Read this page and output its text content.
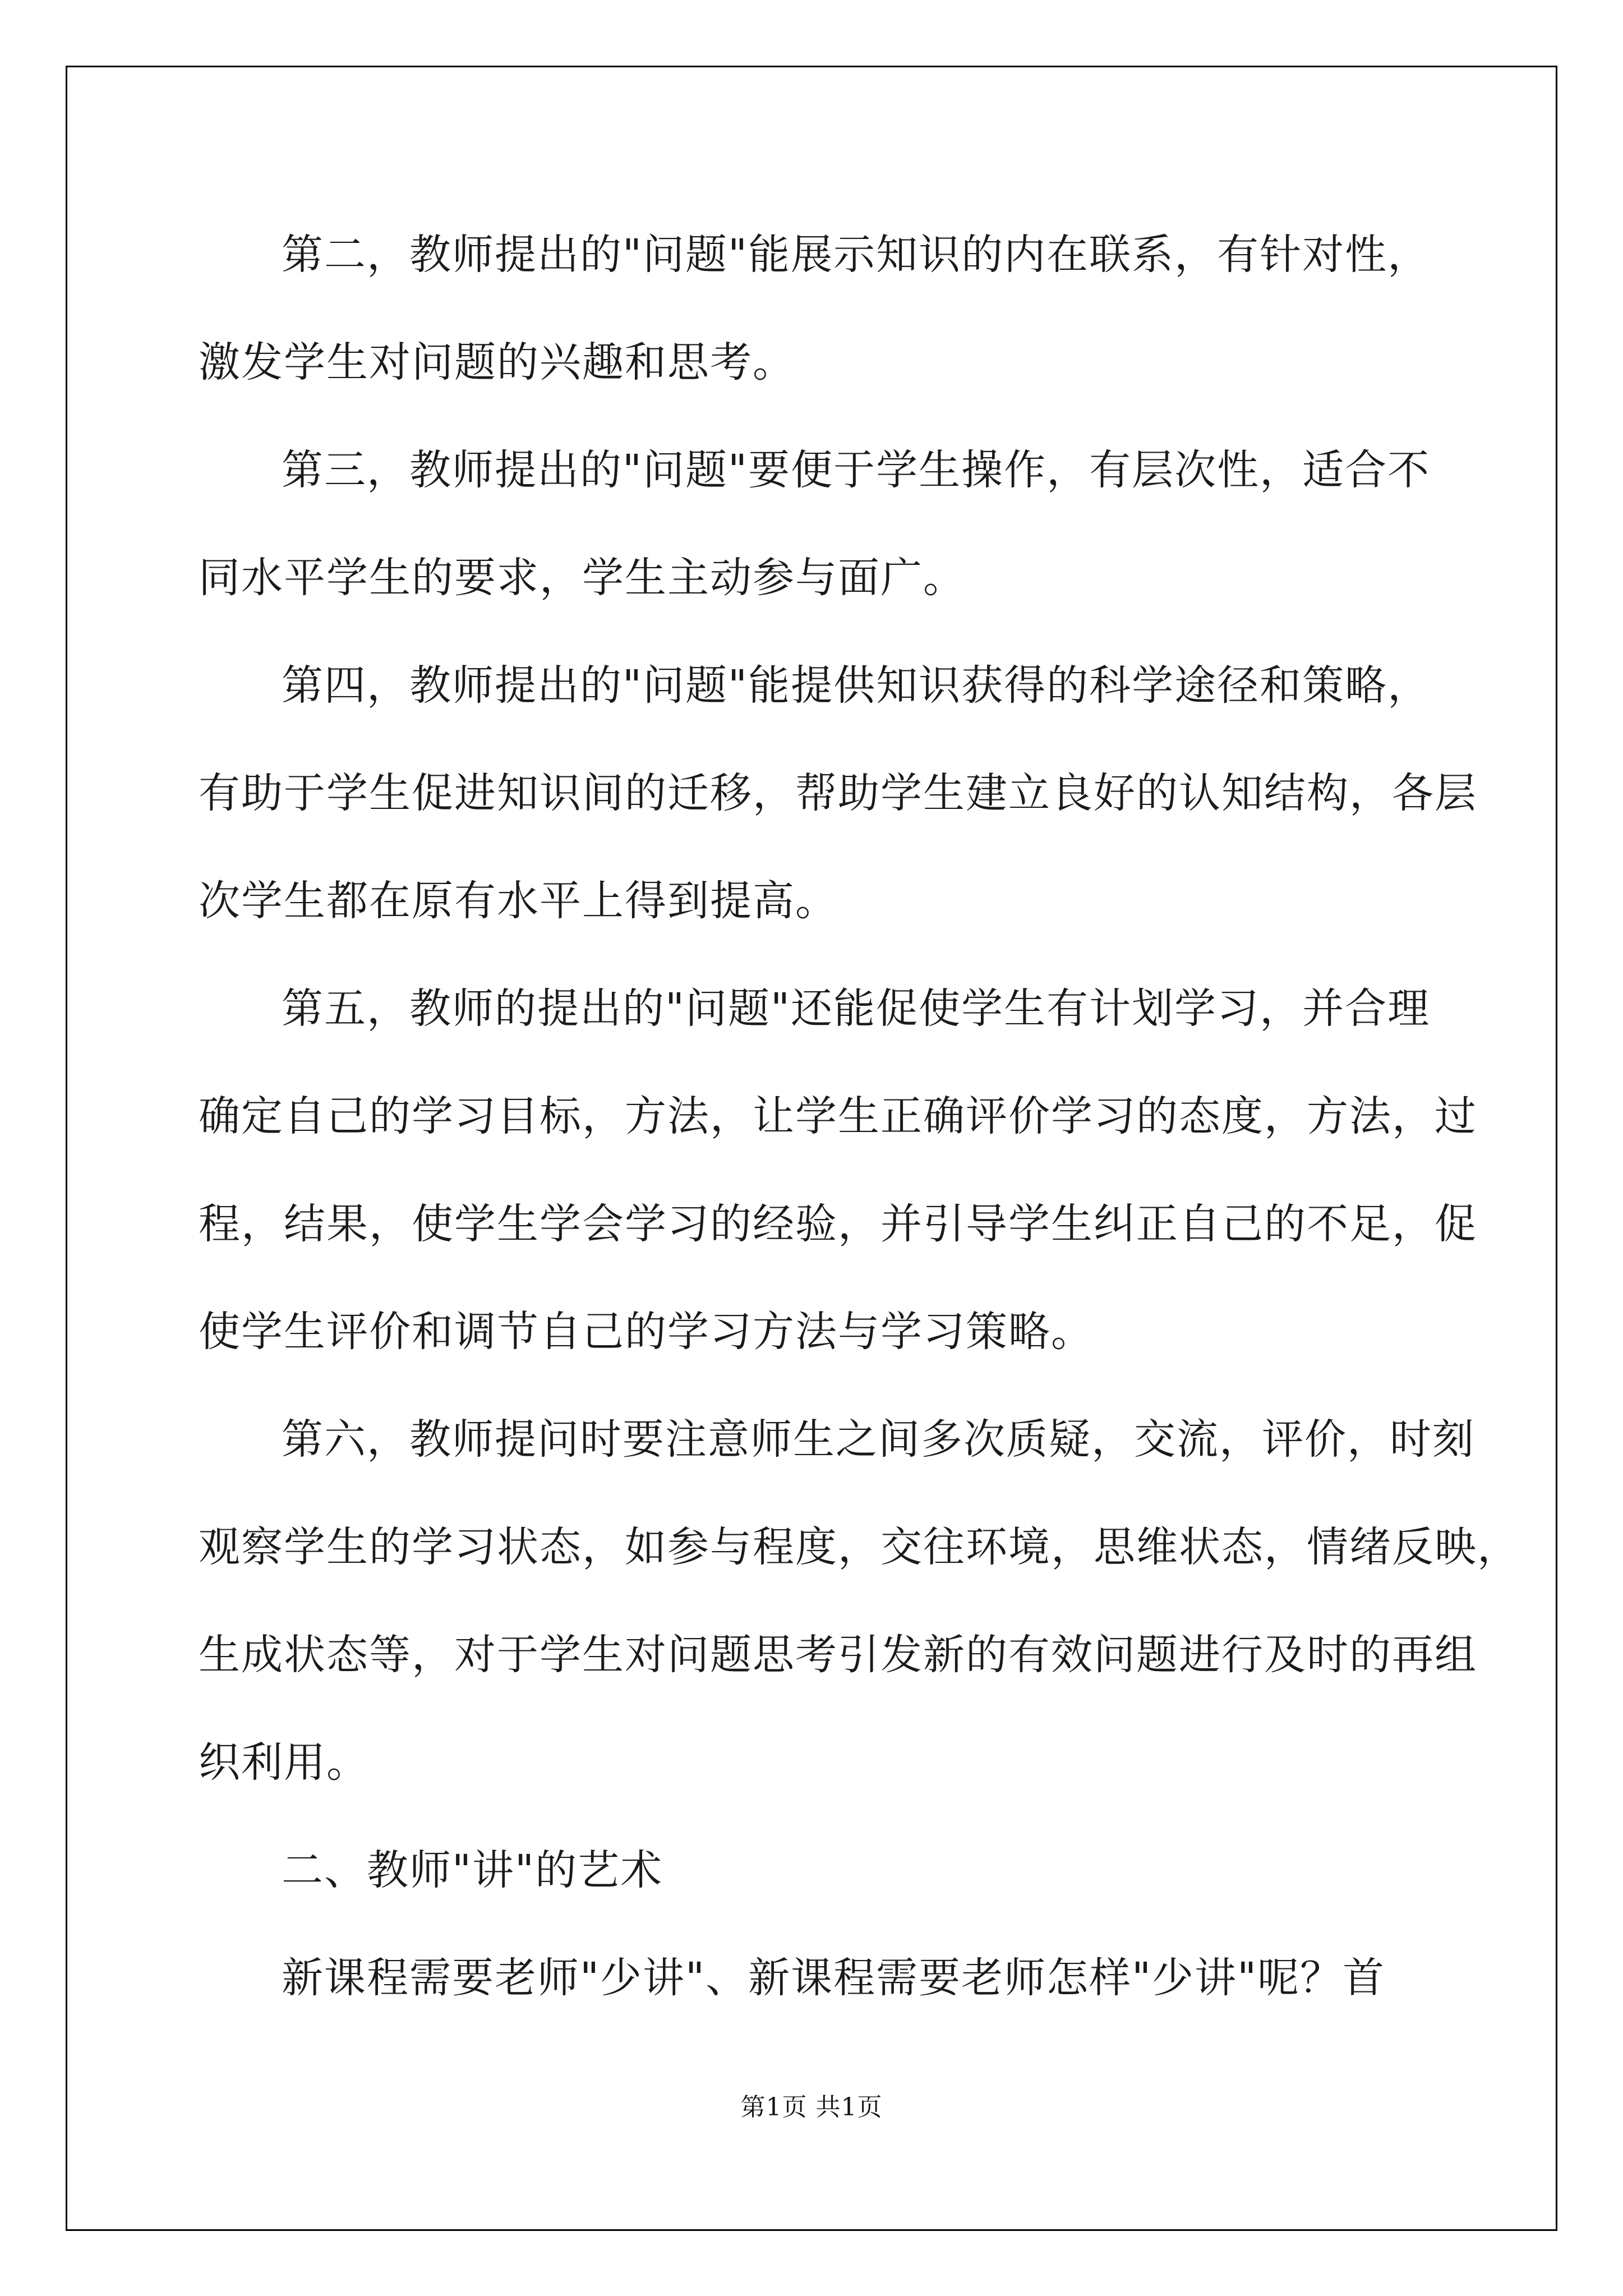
第二，教师提出的"问题"能展示知识的内在联系，有针对性，
激发学生对问题的兴趣和思考。
第三，教师提出的"问题"要便于学生操作，有层次性，适合不
同水平学生的要求，学生主动参与面广。
第四，教师提出的"问题"能提供知识获得的科学途径和策略，
有助于学生促进知识间的迁移，帮助学生建立良好的认知结构，各层
次学生都在原有水平上得到提高。
第五，教师的提出的"问题"还能促使学生有计划学习，并合理
确定自己的学习目标，方法，让学生正确评价学习的态度，方法，过
程，结果，使学生学会学习的经验，并引导学生纠正自己的不足，促
使学生评价和调节自己的学习方法与学习策略。
第六，教师提问时要注意师生之间多次质疑，交流，评价，时刻
观察学生的学习状态，如参与程度，交往环境，思维状态，情绪反映，
生成状态等，对于学生对问题思考引发新的有效问题进行及时的再组
织利用。
二、教师"讲"的艺术
新课程需要老师"少讲"、新课程需要老师怎样"少讲"呢？首
第1页 共1页
